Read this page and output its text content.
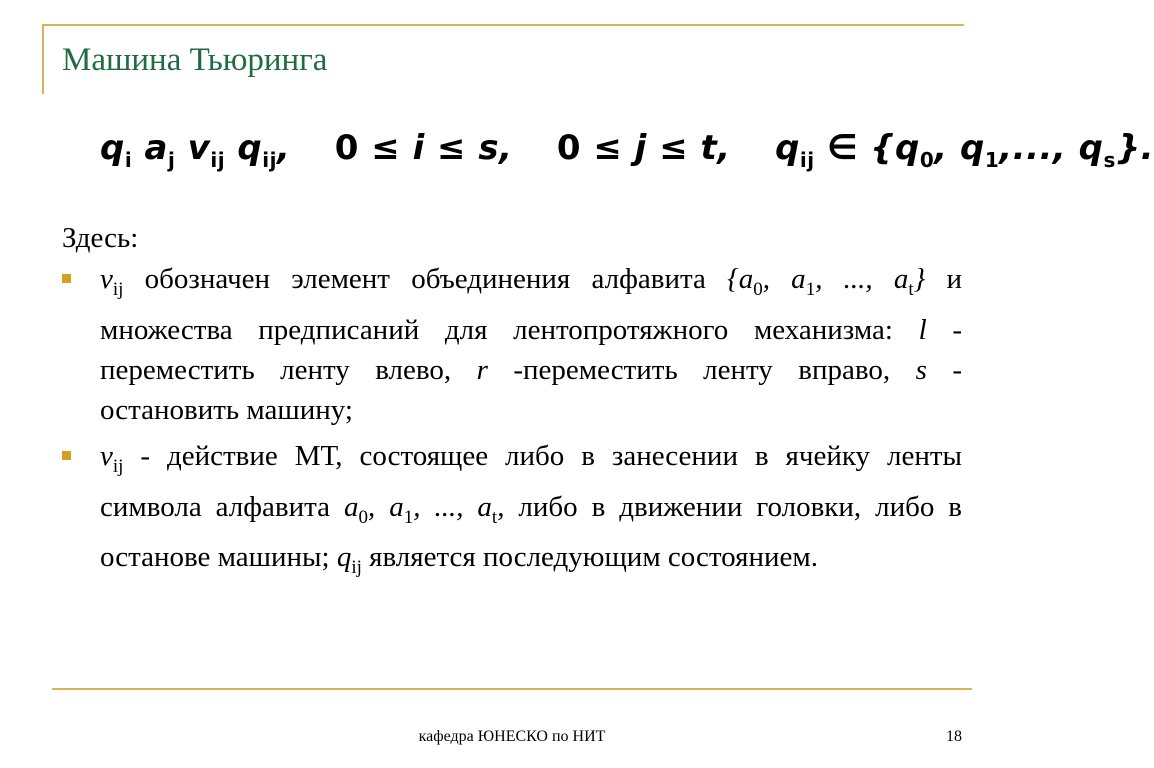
Машина Тьюринга
$q_i$ $a_j$ $v_{ij}$ $q_{ij}$, 0 ≤ i ≤ s, 0 ≤ j ≤ t, $q_{ij}$ ∈ {$q_0$, $q_1$,..., $q_s$}.
Здесь:
$v_{ij}$ обозначен элемент объединения алфавита {$a_0$, $a_1$, ..., $a_t$} и множества предписаний для лентопротяжного механизма: l - переместить ленту влево, r -переместить ленту вправо, s - остановить машину;
$v_{ij}$ - действие МТ, состоящее либо в занесении в ячейку ленты символа алфавита $a_0$, $a_1$, ..., $a_t$, либо в движении головки, либо в останове машины; $q_{ij}$ является последующим состоянием.
кафедра ЮНЕСКО по НИТ	18
